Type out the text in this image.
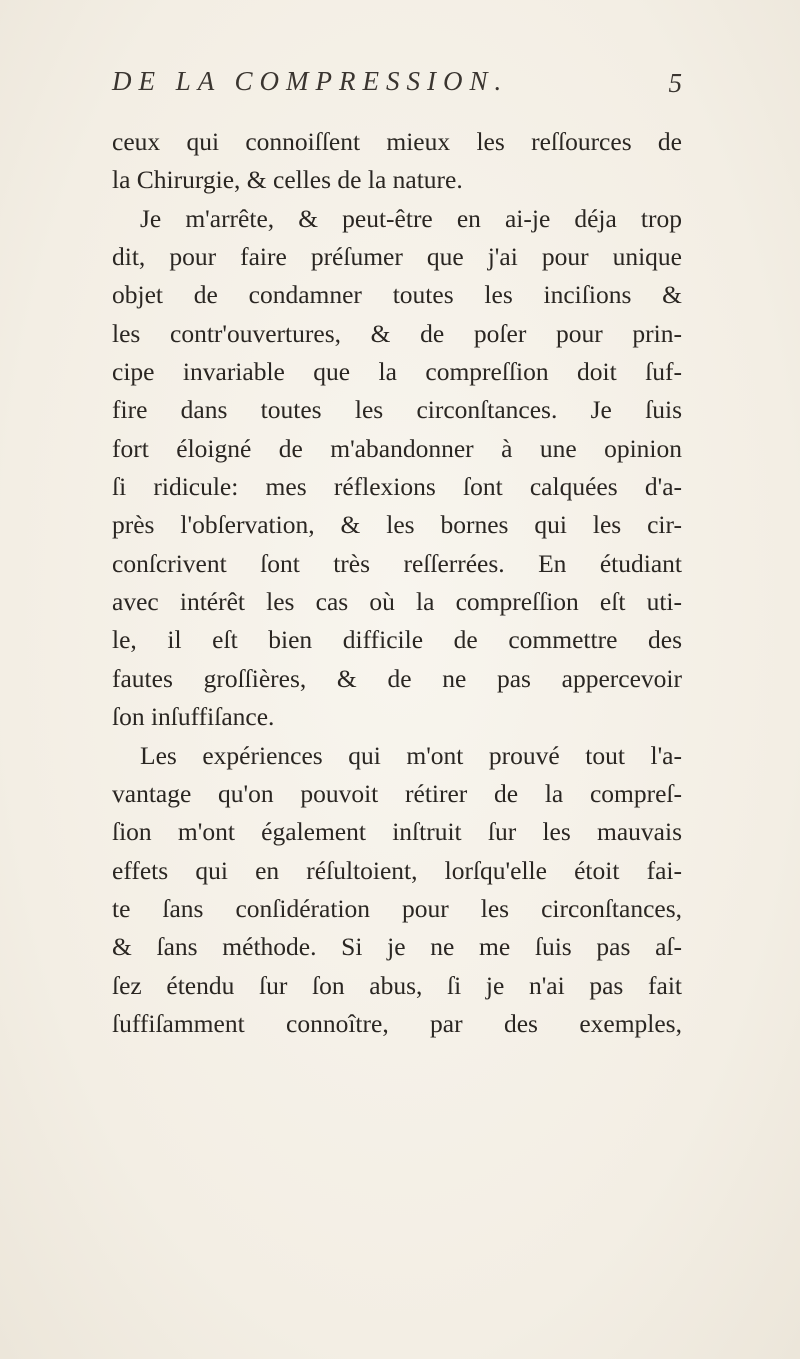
DE LA COMPRESSION.	5
ceux qui connoiſſent mieux les reſſources de
la Chirurgie, & celles de la nature.
Je m'arrête, & peut-être en ai-je déja trop
dit, pour faire préſumer que j'ai pour unique
objet de condamner toutes les inciſions &
les contr'ouvertures, & de poſer pour prin-
cipe invariable que la compreſſion doit ſuf-
fire dans toutes les circonſtances. Je ſuis
fort éloigné de m'abandonner à une opinion
ſi ridicule: mes réflexions ſont calquées d'a-
près l'obſervation, & les bornes qui les cir-
conſcrivent ſont très reſſerrées. En étudiant
avec intérêt les cas où la compreſſion eſt uti-
le, il eſt bien difficile de commettre des
fautes groſſières, & de ne pas appercevoir
ſon inſuffiſance.
Les expériences qui m'ont prouvé tout l'a-
vantage qu'on pouvoit rétirer de la compreſ-
ſion m'ont également inſtruit ſur les mauvais
effets qui en réſultoient, lorſqu'elle étoit fai-
te ſans conſidération pour les circonſtances,
& ſans méthode. Si je ne me ſuis pas aſ-
ſez étendu ſur ſon abus, ſi je n'ai pas fait
ſuffiſamment connoître, par des exemples,
